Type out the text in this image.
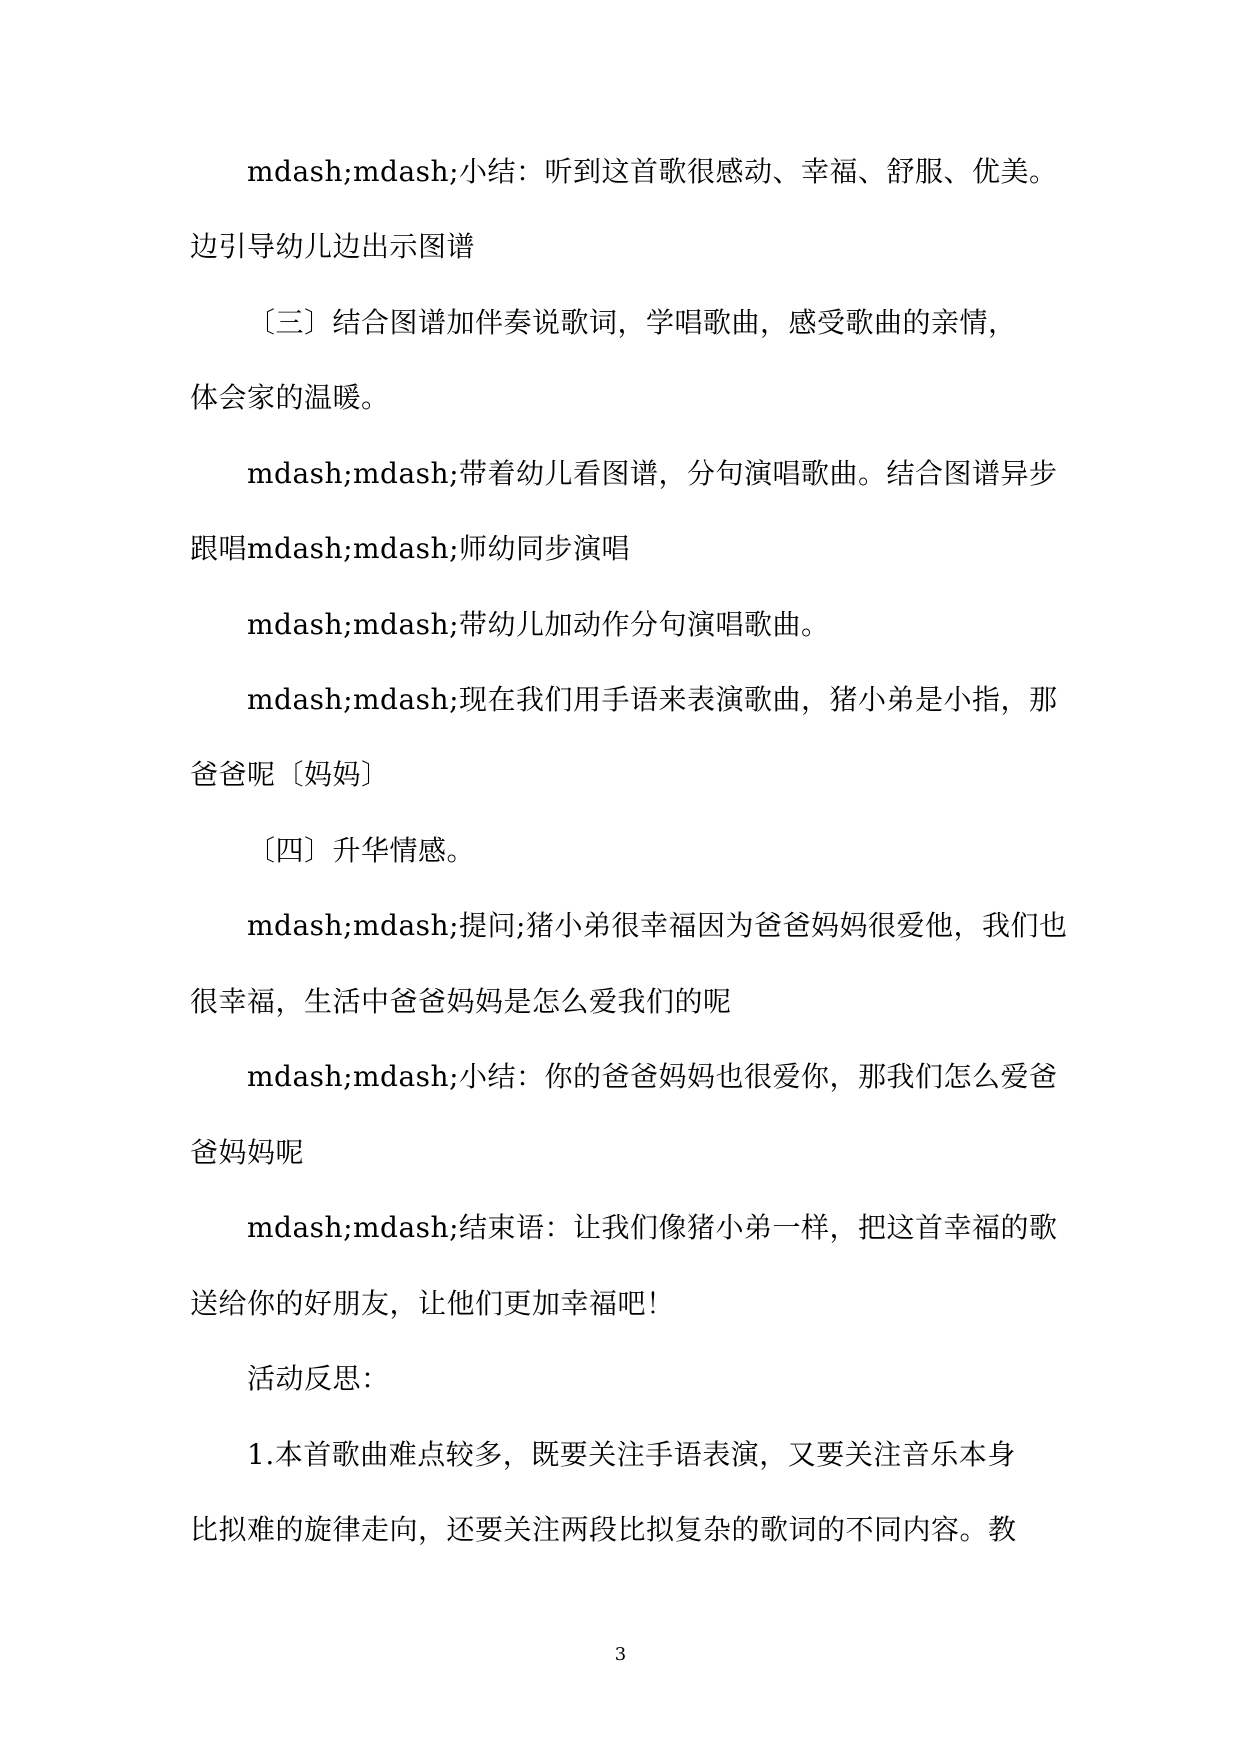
mdash;mdash;小结：听到这首歌很感动、幸福、舒服、优美。
边引导幼儿边出示图谱
〔三〕结合图谱加伴奏说歌词，学唱歌曲，感受歌曲的亲情，
体会家的温暖。
mdash;mdash;带着幼儿看图谱，分句演唱歌曲。结合图谱异步
跟唱mdash;mdash;师幼同步演唱
mdash;mdash;带幼儿加动作分句演唱歌曲。
mdash;mdash;现在我们用手语来表演歌曲，猪小弟是小指，那
爸爸呢〔妈妈〕
〔四〕升华情感。
mdash;mdash;提问;猪小弟很幸福因为爸爸妈妈很爱他，我们也
很幸福，生活中爸爸妈妈是怎么爱我们的呢
mdash;mdash;小结：你的爸爸妈妈也很爱你，那我们怎么爱爸
爸妈妈呢
mdash;mdash;结束语：让我们像猪小弟一样，把这首幸福的歌
送给你的好朋友，让他们更加幸福吧！
活动反思：
1.本首歌曲难点较多，既要关注手语表演，又要关注音乐本身
比拟难的旋律走向，还要关注两段比拟复杂的歌词的不同内容。教
3
